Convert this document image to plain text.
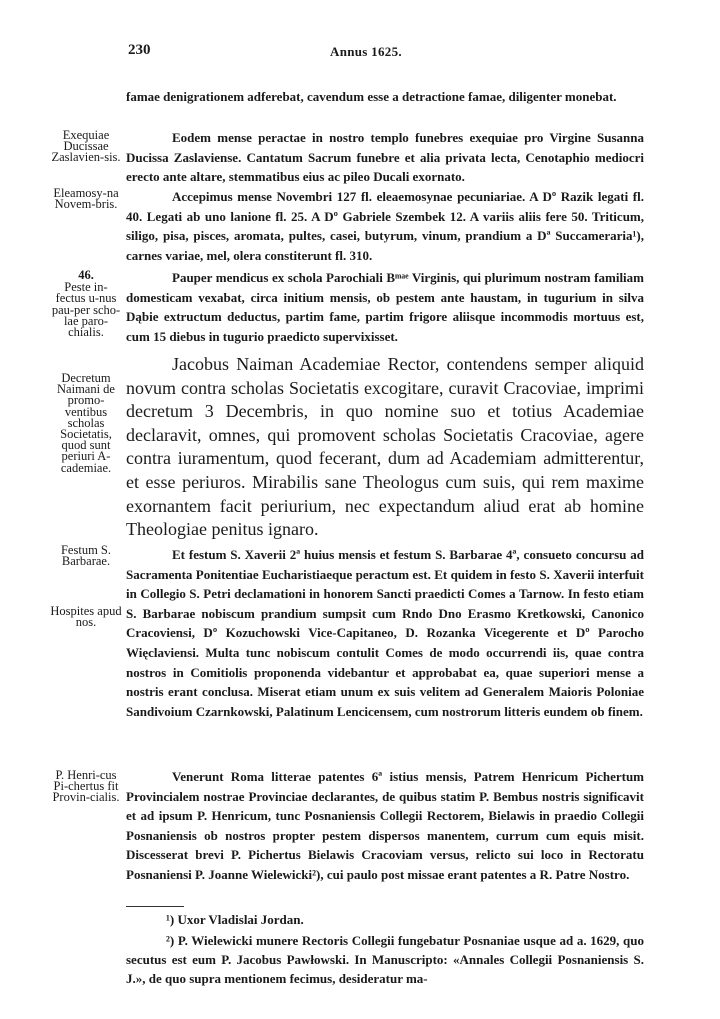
230	Annus 1625.
famae denigrationem adferebat, cavendum esse a detractione famae, diligenter monebat.
Exequiae Ducissae Zaslavien-sis.
Eodem mense peractae in nostro templo funebres exequiae pro Virgine Susanna Ducissa Zaslaviense. Cantatum Sacrum funebre et alia privata lecta, Cenotaphio mediocri erecto ante altare, stemmatibus eius ac pileo Ducali exornato.
Eleamosy-na Novem-bris.
Accepimus mense Novembri 127 fl. eleaemosynae pecuniariae. A Dº Razik legati fl. 40. Legati ab uno lanione fl. 25. A Dº Gabriele Szembek 12. A variis aliis fere 50. Triticum, siligo, pisa, pisces, aromata, pultes, casei, butyrum, vinum, prandium a Dª Succameraria¹), carnes variae, mel, olera constiterunt fl. 310.
46.
Peste in-fectus u-nus pau-per scho-lae paro-chialis.
Pauper mendicus ex schola Parochiali Bᵐᵃᵉ Virginis, qui plurimum nostram familiam domesticam vexabat, circa initium mensis, ob pestem ante haustam, in tugurium in silva Dąbie extructum deductus, partim fame, partim frigore aliisque incommodis mortuus est, cum 15 diebus in tugurio praedicto supervixisset.
Decretum Naimani de promo-ventibus scholas Societatis, quod sunt periuri A-cademiae.
Jacobus Naiman Academiae Rector, contendens semper aliquid novum contra scholas Societatis excogitare, curavit Cracoviae, imprimi decretum 3 Decembris, in quo nomine suo et totius Academiae declaravit, omnes, qui promovent scholas Societatis Cracoviae, agere contra iuramentum, quod fecerant, dum ad Academiam admitterentur, et esse periuros. Mirabilis sane Theologus cum suis, qui rem maxime exornantem facit periurium, nec expectandum aliud erat ab homine Theologiae penitus ignaro.
Festum S. Barbarae.
Hospites apud nos.
Et festum S. Xaverii 2ª huius mensis et festum S. Barbarae 4ª, consueto concursu ad Sacramenta Ponitentiae Eucharistiaeque peractum est. Et quidem in festo S. Xaverii interfuit in Collegio S. Petri declamationi in honorem Sancti praedicti Comes a Tarnow. In festo etiam S. Barbarae nobiscum prandium sumpsit cum Rndo Dno Erasmo Kretkowski, Canonico Cracoviensi, Dº Kozuchowski Vice-Capitaneo, D. Rozanka Vicegerente et Dº Parocho Więclaviensi. Multa tunc nobiscum contulit Comes de modo occurrendi iis, quae contra nostros in Comitiolis proponenda videbantur et approbabat ea, quae superiori mense a nostris erant conclusa. Miserat etiam unum ex suis velitem ad Generalem Maioris Poloniae Sandivoium Czarnkowski, Palatinum Lencicensem, cum nostrorum litteris eundem ob finem.
P. Henri-cus Pi-chertus fit Provin-cialis.
Venerunt Roma litterae patentes 6ª istius mensis, Patrem Henricum Pichertum Provincialem nostrae Provinciae declarantes, de quibus statim P. Bembus nostris significavit et ad ipsum P. Henricum, tunc Posnaniensis Collegii Rectorem, Bielawis in praedio Collegii Posnaniensis ob nostros propter pestem dispersos manentem, currum cum equis misit. Discesserat brevi P. Pichertus Bielawis Cracoviam versus, relicto sui loco in Rectoratu Posnaniensi P. Joanne Wielewicki²), cui paulo post missae erant patentes a R. Patre Nostro.
¹) Uxor Vladislai Jordan.
²) P. Wielewicki munere Rectoris Collegii fungebatur Posnaniae usque ad a. 1629, quo secutus est eum P. Jacobus Pawłowski. In Manuscripto: «Annales Collegii Posnaniensis S. J.», de quo supra mentionem fecimus, desideratur ma-
